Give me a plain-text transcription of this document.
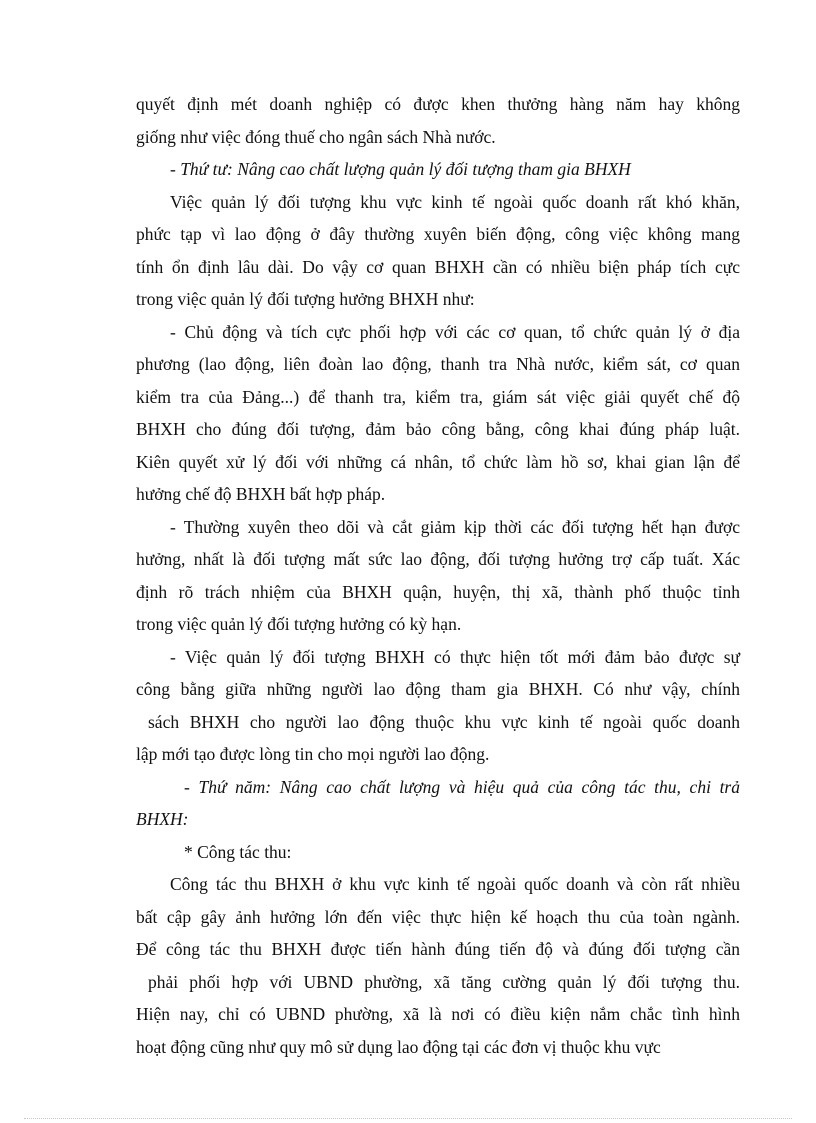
quyết định mét doanh nghiệp có được khen thưởng hàng năm hay không
giống như việc đóng thuế cho ngân sách Nhà nước.
- Thứ tư: Nâng cao chất lượng quản lý đối tượng tham gia BHXH
Việc quản lý đối tượng khu vực kinh tế ngoài quốc doanh rất khó khăn,
phức tạp vì lao động ở đây thường xuyên biến động, công việc không mang
tính ổn định lâu dài. Do vậy cơ quan BHXH cần có nhiều biện pháp tích cực
trong việc quản lý đối tượng hưởng BHXH như:
- Chủ động và tích cực phối hợp với các cơ quan, tổ chức quản lý ở địa
phương (lao động, liên đoàn lao động, thanh tra Nhà nước, kiểm sát, cơ quan
kiểm tra của Đảng...) để thanh tra, kiểm tra, giám sát việc giải quyết chế độ
BHXH cho đúng đối tượng, đảm bảo công bằng, công khai đúng pháp luật.
Kiên quyết xử lý đối với những cá nhân, tổ chức làm hồ sơ, khai gian lận để
hưởng chế độ BHXH bất hợp pháp.
- Thường xuyên theo dõi và cắt giảm kịp thời các đối tượng hết hạn được
hưởng, nhất là đối tượng mất sức lao động, đối tượng hưởng trợ cấp tuất. Xác
định rõ trách nhiệm của BHXH quận, huyện, thị xã, thành phố thuộc tỉnh
trong việc quản lý đối tượng hưởng có kỳ hạn.
- Việc quản lý đối tượng BHXH có thực hiện tốt mới đảm bảo được sự
công bằng giữa những người lao động tham gia BHXH. Có như vậy, chính
sách BHXH cho người lao động thuộc khu vực kinh tế ngoài quốc doanh
lập mới tạo được lòng tin cho mọi người lao động.
- Thứ năm: Nâng cao chất lượng và hiệu quả của công tác thu, chi trả
BHXH:
* Công tác thu:
Công tác thu BHXH ở khu vực kinh tế ngoài quốc doanh và còn rất nhiều
bất cập gây ảnh hưởng lớn đến việc thực hiện kế hoạch thu của toàn ngành.
Để công tác thu BHXH được tiến hành đúng tiến độ và đúng đối tượng cần
phải phối hợp với UBND phường, xã tăng cường quản lý đối tượng thu.
Hiện nay, chỉ có UBND phường, xã là nơi có điều kiện nắm chắc tình hình
hoạt động cũng như quy mô sử dụng lao động tại các đơn vị thuộc khu vực
